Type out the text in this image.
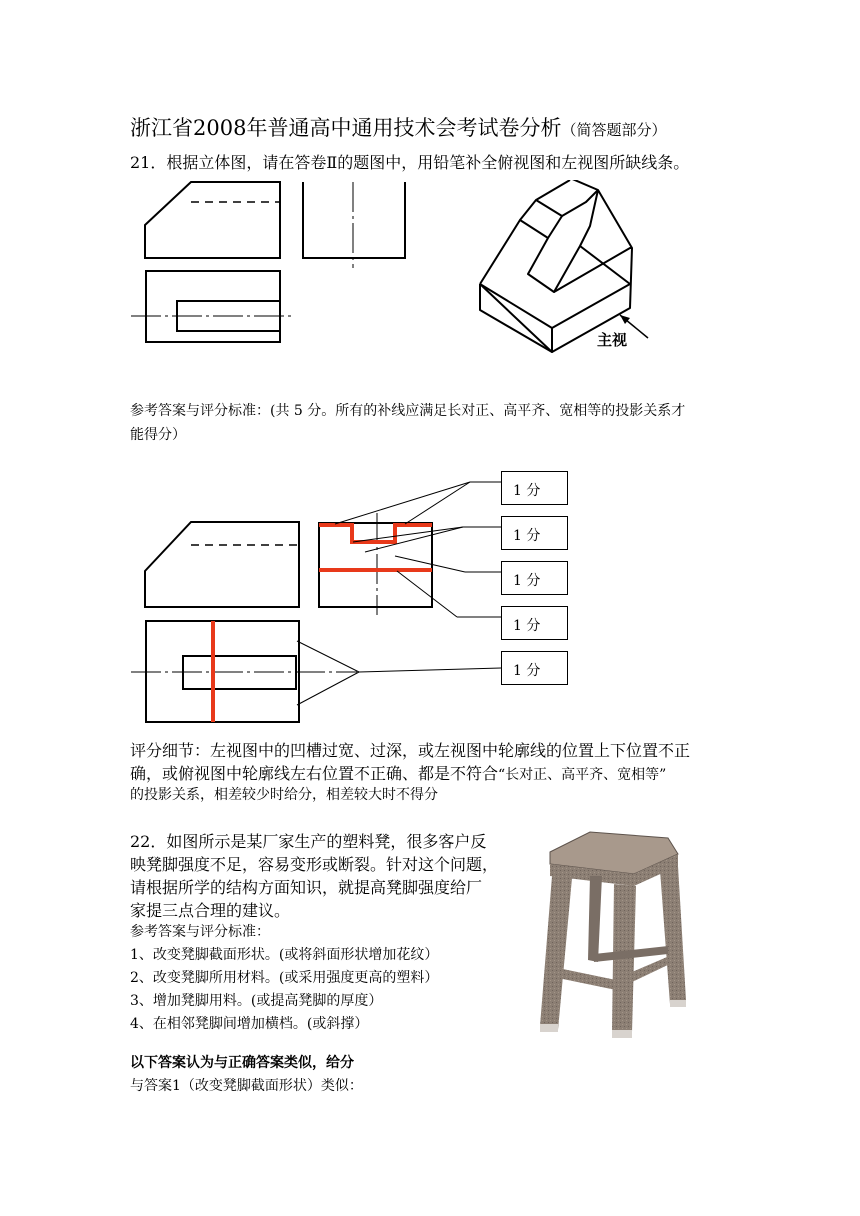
浙江省2008年普通高中通用技术会考试卷分析（简答题部分）
21．根据立体图，请在答卷Ⅱ的题图中，用铅笔补全俯视图和左视图所缺线条。
主视
参考答案与评分标准：(共 5 分。所有的补线应满足长对正、高平齐、宽相等的投影关系才
能得分）
1 分
1 分
1 分
1 分
1 分
评分细节：左视图中的凹槽过宽、过深，或左视图中轮廓线的位置上下位置不正
确，或俯视图中轮廓线左右位置不正确、都是不符合“长对正、高平齐、宽相等”
的投影关系，相差较少时给分，相差较大时不得分
22．如图所示是某厂家生产的塑料凳，很多客户反
映凳脚强度不足，容易变形或断裂。针对这个问题，
请根据所学的结构方面知识，就提高凳脚强度给厂
家提三点合理的建议。
参考答案与评分标准：
1、改变凳脚截面形状。(或将斜面形状增加花纹）
2、改变凳脚所用材料。(或采用强度更高的塑料）
3、增加凳脚用料。(或提高凳脚的厚度）
4、在相邻凳脚间增加横档。(或斜撑）
以下答案认为与正确答案类似，给分
与答案1（改变凳脚截面形状）类似：
